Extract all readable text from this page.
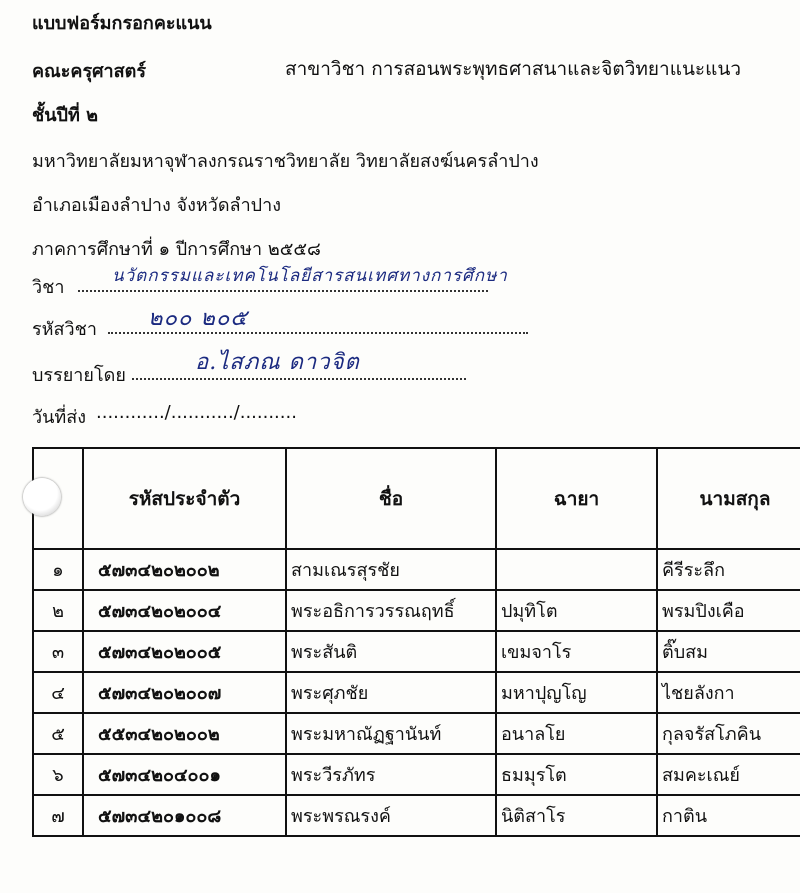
แบบฟอร์มกรอกคะแนน
คณะครุศาสตร์	สาขาวิชา การสอนพระพุทธศาสนาและจิตวิทยาแนะแนว
ชั้นปีที่ ๒
มหาวิทยาลัยมหาจุฬาลงกรณราชวิทยาลัย วิทยาลัยสงฆ์นครลำปาง
อำเภอเมืองลำปาง จังหวัดลำปาง
ภาคการศึกษาที่ ๑ ปีการศึกษา ๒๕๕๘
วิชา
นวัตกรรมและเทคโนโลยีสารสนเทศทางการศึกษา
รหัสวิชา ๒๐๐ ๒๐๕
บรรยายโดย
อ.ไสภณ ดาวจิต
วันที่ส่ง ............/.........../..........
	รหัสประจำตัว	ชื่อ	ฉายา	นามสกุล
๑	๕๗๓๔๒๐๒๐๐๒	สามเณรสุรชัย		คีรีระลึก
๒	๕๗๓๔๒๐๒๐๐๔	พระอธิการวรรณฤทธิ์	ปมุทิโต	พรมปิงเคือ
๓	๕๗๓๔๒๐๒๐๐๕	พระสันติ	เขมจาโร	ติ๊บสม
๔	๕๗๓๔๒๐๒๐๐๗	พระศุภชัย	มหาปุญโญ	ไชยลังกา
๕	๕๕๓๔๒๐๒๐๐๒	พระมหาณัฏฐานันท์	อนาลโย	กุลจรัสโภคิน
๖	๕๗๓๔๒๐๔๐๐๑	พระวีรภัทร	ธมมุรโต	สมคะเณย์
๗	๕๗๓๔๒๐๑๐๐๘	พระพรณรงค์	นิติสาโร	กาติน
